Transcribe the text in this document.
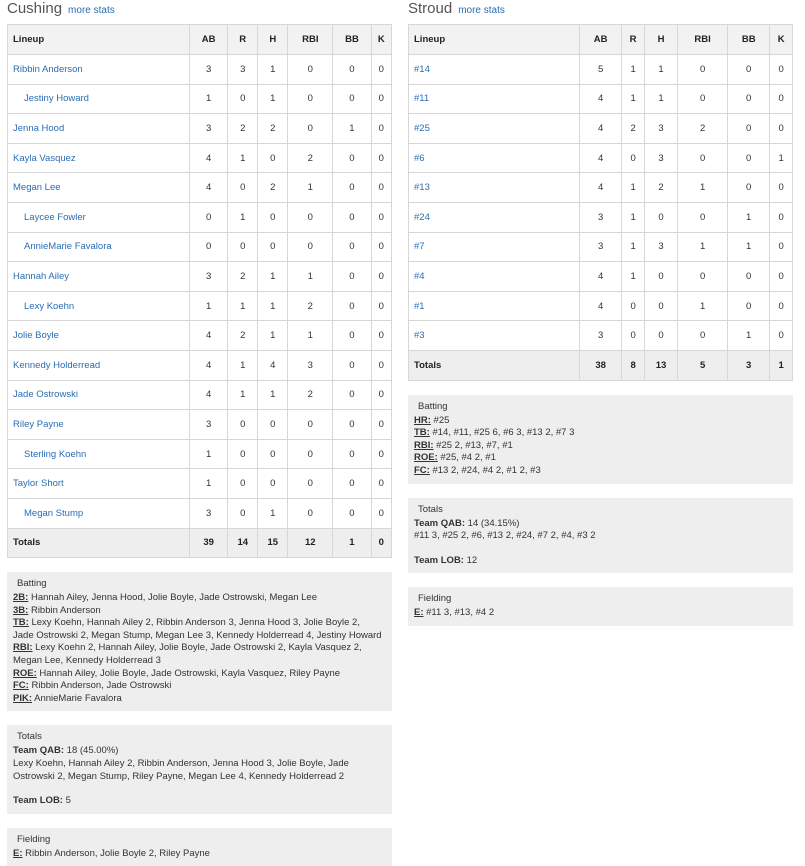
Cushing more stats
Lineup	AB	R	H	RBI	BB	K
Ribbin Anderson	3	3	1	0	0	0
Jestiny Howard	1	0	1	0	0	0
Jenna Hood	3	2	2	0	1	0
Kayla Vasquez	4	1	0	2	0	0
Megan Lee	4	0	2	1	0	0
Laycee Fowler	0	1	0	0	0	0
AnnieMarie Favalora	0	0	0	0	0	0
Hannah Ailey	3	2	1	1	0	0
Lexy Koehn	1	1	1	2	0	0
Jolie Boyle	4	2	1	1	0	0
Kennedy Holderread	4	1	4	3	0	0
Jade Ostrowski	4	1	1	2	0	0
Riley Payne	3	0	0	0	0	0
Sterling Koehn	1	0	0	0	0	0
Taylor Short	1	0	0	0	0	0
Megan Stump	3	0	1	0	0	0
Totals	39	14	15	12	1	0
Batting
2B: Hannah Ailey, Jenna Hood, Jolie Boyle, Jade Ostrowski, Megan Lee
3B: Ribbin Anderson
TB: Lexy Koehn, Hannah Ailey 2, Ribbin Anderson 3, Jenna Hood 3, Jolie Boyle 2,
Jade Ostrowski 2, Megan Stump, Megan Lee 3, Kennedy Holderread 4, Jestiny Howard
RBI: Lexy Koehn 2, Hannah Ailey, Jolie Boyle, Jade Ostrowski 2, Kayla Vasquez 2,
Megan Lee, Kennedy Holderread 3
ROE: Hannah Ailey, Jolie Boyle, Jade Ostrowski, Kayla Vasquez, Riley Payne
FC: Ribbin Anderson, Jade Ostrowski
PIK: AnnieMarie Favalora
Totals
Team QAB: 18 (45.00%)
Lexy Koehn, Hannah Ailey 2, Ribbin Anderson, Jenna Hood 3, Jolie Boyle, Jade
Ostrowski 2, Megan Stump, Riley Payne, Megan Lee 4, Kennedy Holderread 2
Team LOB: 5
Fielding
E: Ribbin Anderson, Jolie Boyle 2, Riley Payne
Stroud more stats
Lineup	AB	R	H	RBI	BB	K
#14	5	1	1	0	0	0
#11	4	1	1	0	0	0
#25	4	2	3	2	0	0
#6	4	0	3	0	0	1
#13	4	1	2	1	0	0
#24	3	1	0	0	1	0
#7	3	1	3	1	1	0
#4	4	1	0	0	0	0
#1	4	0	0	1	0	0
#3	3	0	0	0	1	0
Totals	38	8	13	5	3	1
Batting
HR: #25
TB: #14, #11, #25 6, #6 3, #13 2, #7 3
RBI: #25 2, #13, #7, #1
ROE: #25, #4 2, #1
FC: #13 2, #24, #4 2, #1 2, #3
Totals
Team QAB: 14 (34.15%)
#11 3, #25 2, #6, #13 2, #24, #7 2, #4, #3 2
Team LOB: 12
Fielding
E: #11 3, #13, #4 2
